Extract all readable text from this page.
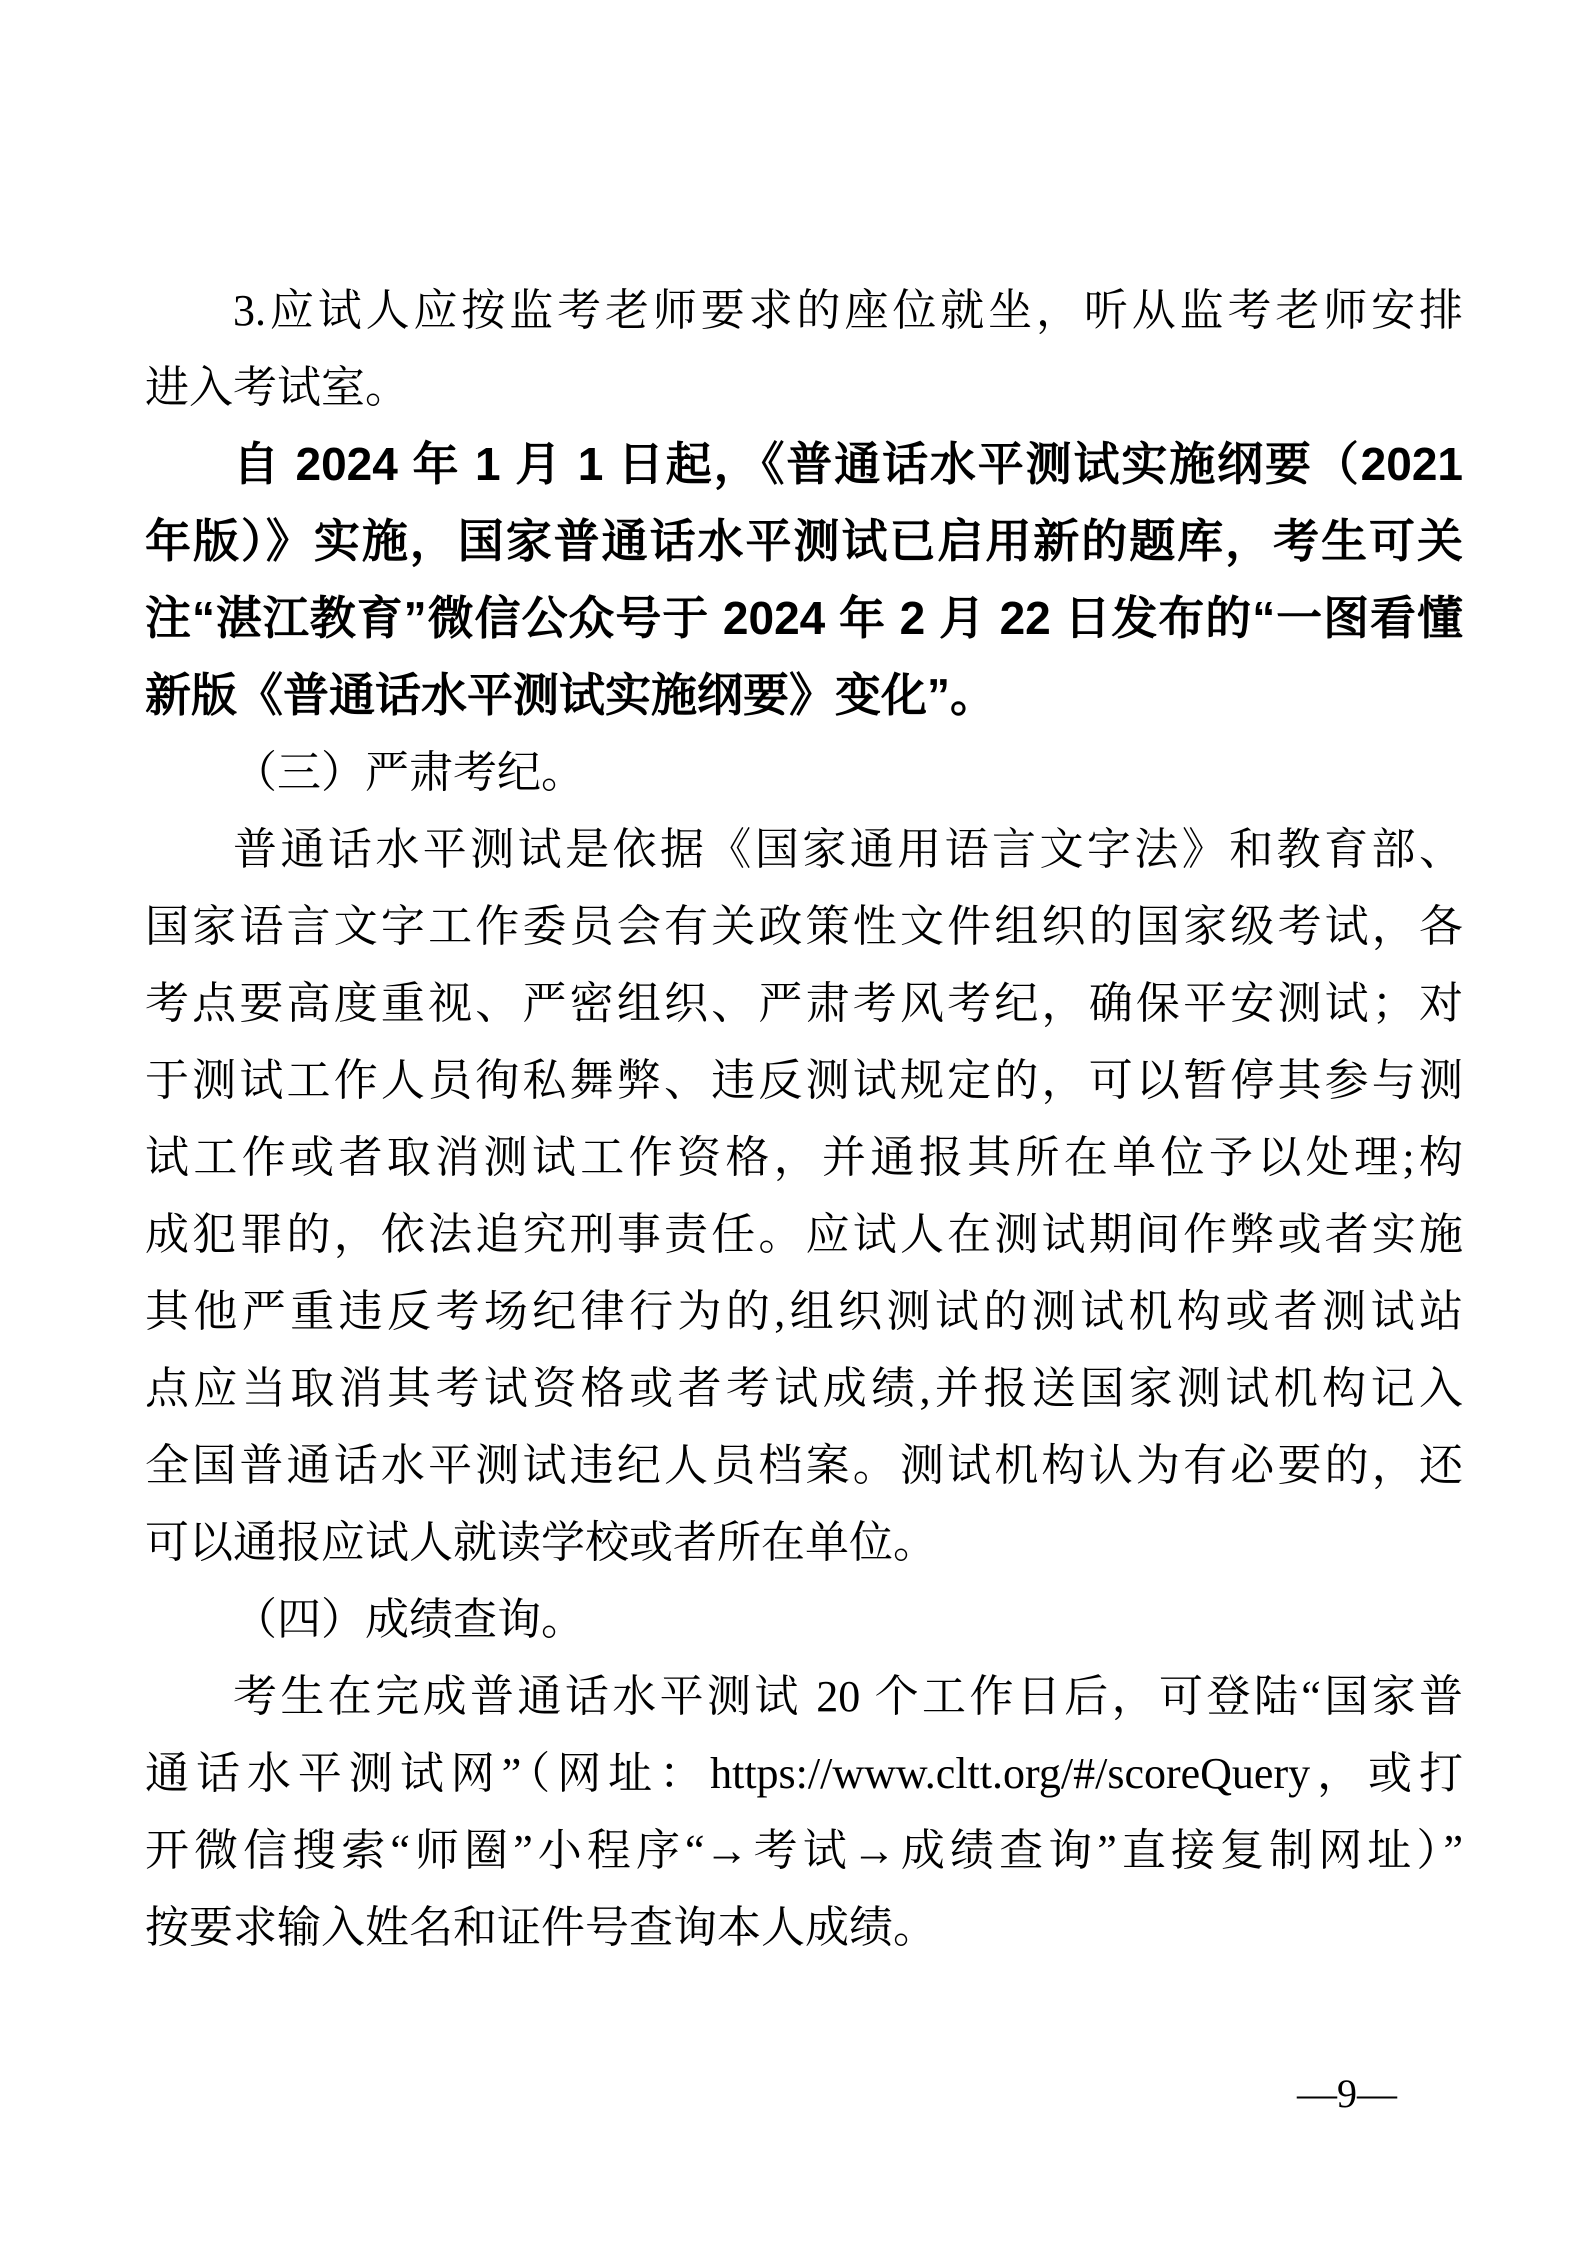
3.应试人应按监考老师要求的座位就坐，听从监考老师安排
进入考试室。
自 2024 年 1 月 1 日起，《普通话水平测试实施纲要（2021
年版）》实施，国家普通话水平测试已启用新的题库，考生可关
注“湛江教育”微信公众号于 2024 年 2 月 22 日发布的“一图看懂
新版《普通话水平测试实施纲要》变化”。
（三）严肃考纪。
普通话水平测试是依据《国家通用语言文字法》和教育部、
国家语言文字工作委员会有关政策性文件组织的国家级考试，各
考点要高度重视、严密组织、严肃考风考纪，确保平安测试；对
于测试工作人员徇私舞弊、违反测试规定的，可以暂停其参与测
试工作或者取消测试工作资格，并通报其所在单位予以处理;构
成犯罪的，依法追究刑事责任。应试人在测试期间作弊或者实施
其他严重违反考场纪律行为的,组织测试的测试机构或者测试站
点应当取消其考试资格或者考试成绩,并报送国家测试机构记入
全国普通话水平测试违纪人员档案。测试机构认为有必要的，还
可以通报应试人就读学校或者所在单位。
（四）成绩查询。
考生在完成普通话水平测试 20 个工作日后，可登陆“国家普
通话水平测试网”（网址：https://www.cltt.org/#/scoreQuery，或打
开微信搜索“师圈”小程序“→考试→成绩查询”直接复制网址）”
按要求输入姓名和证件号查询本人成绩。
—9—
